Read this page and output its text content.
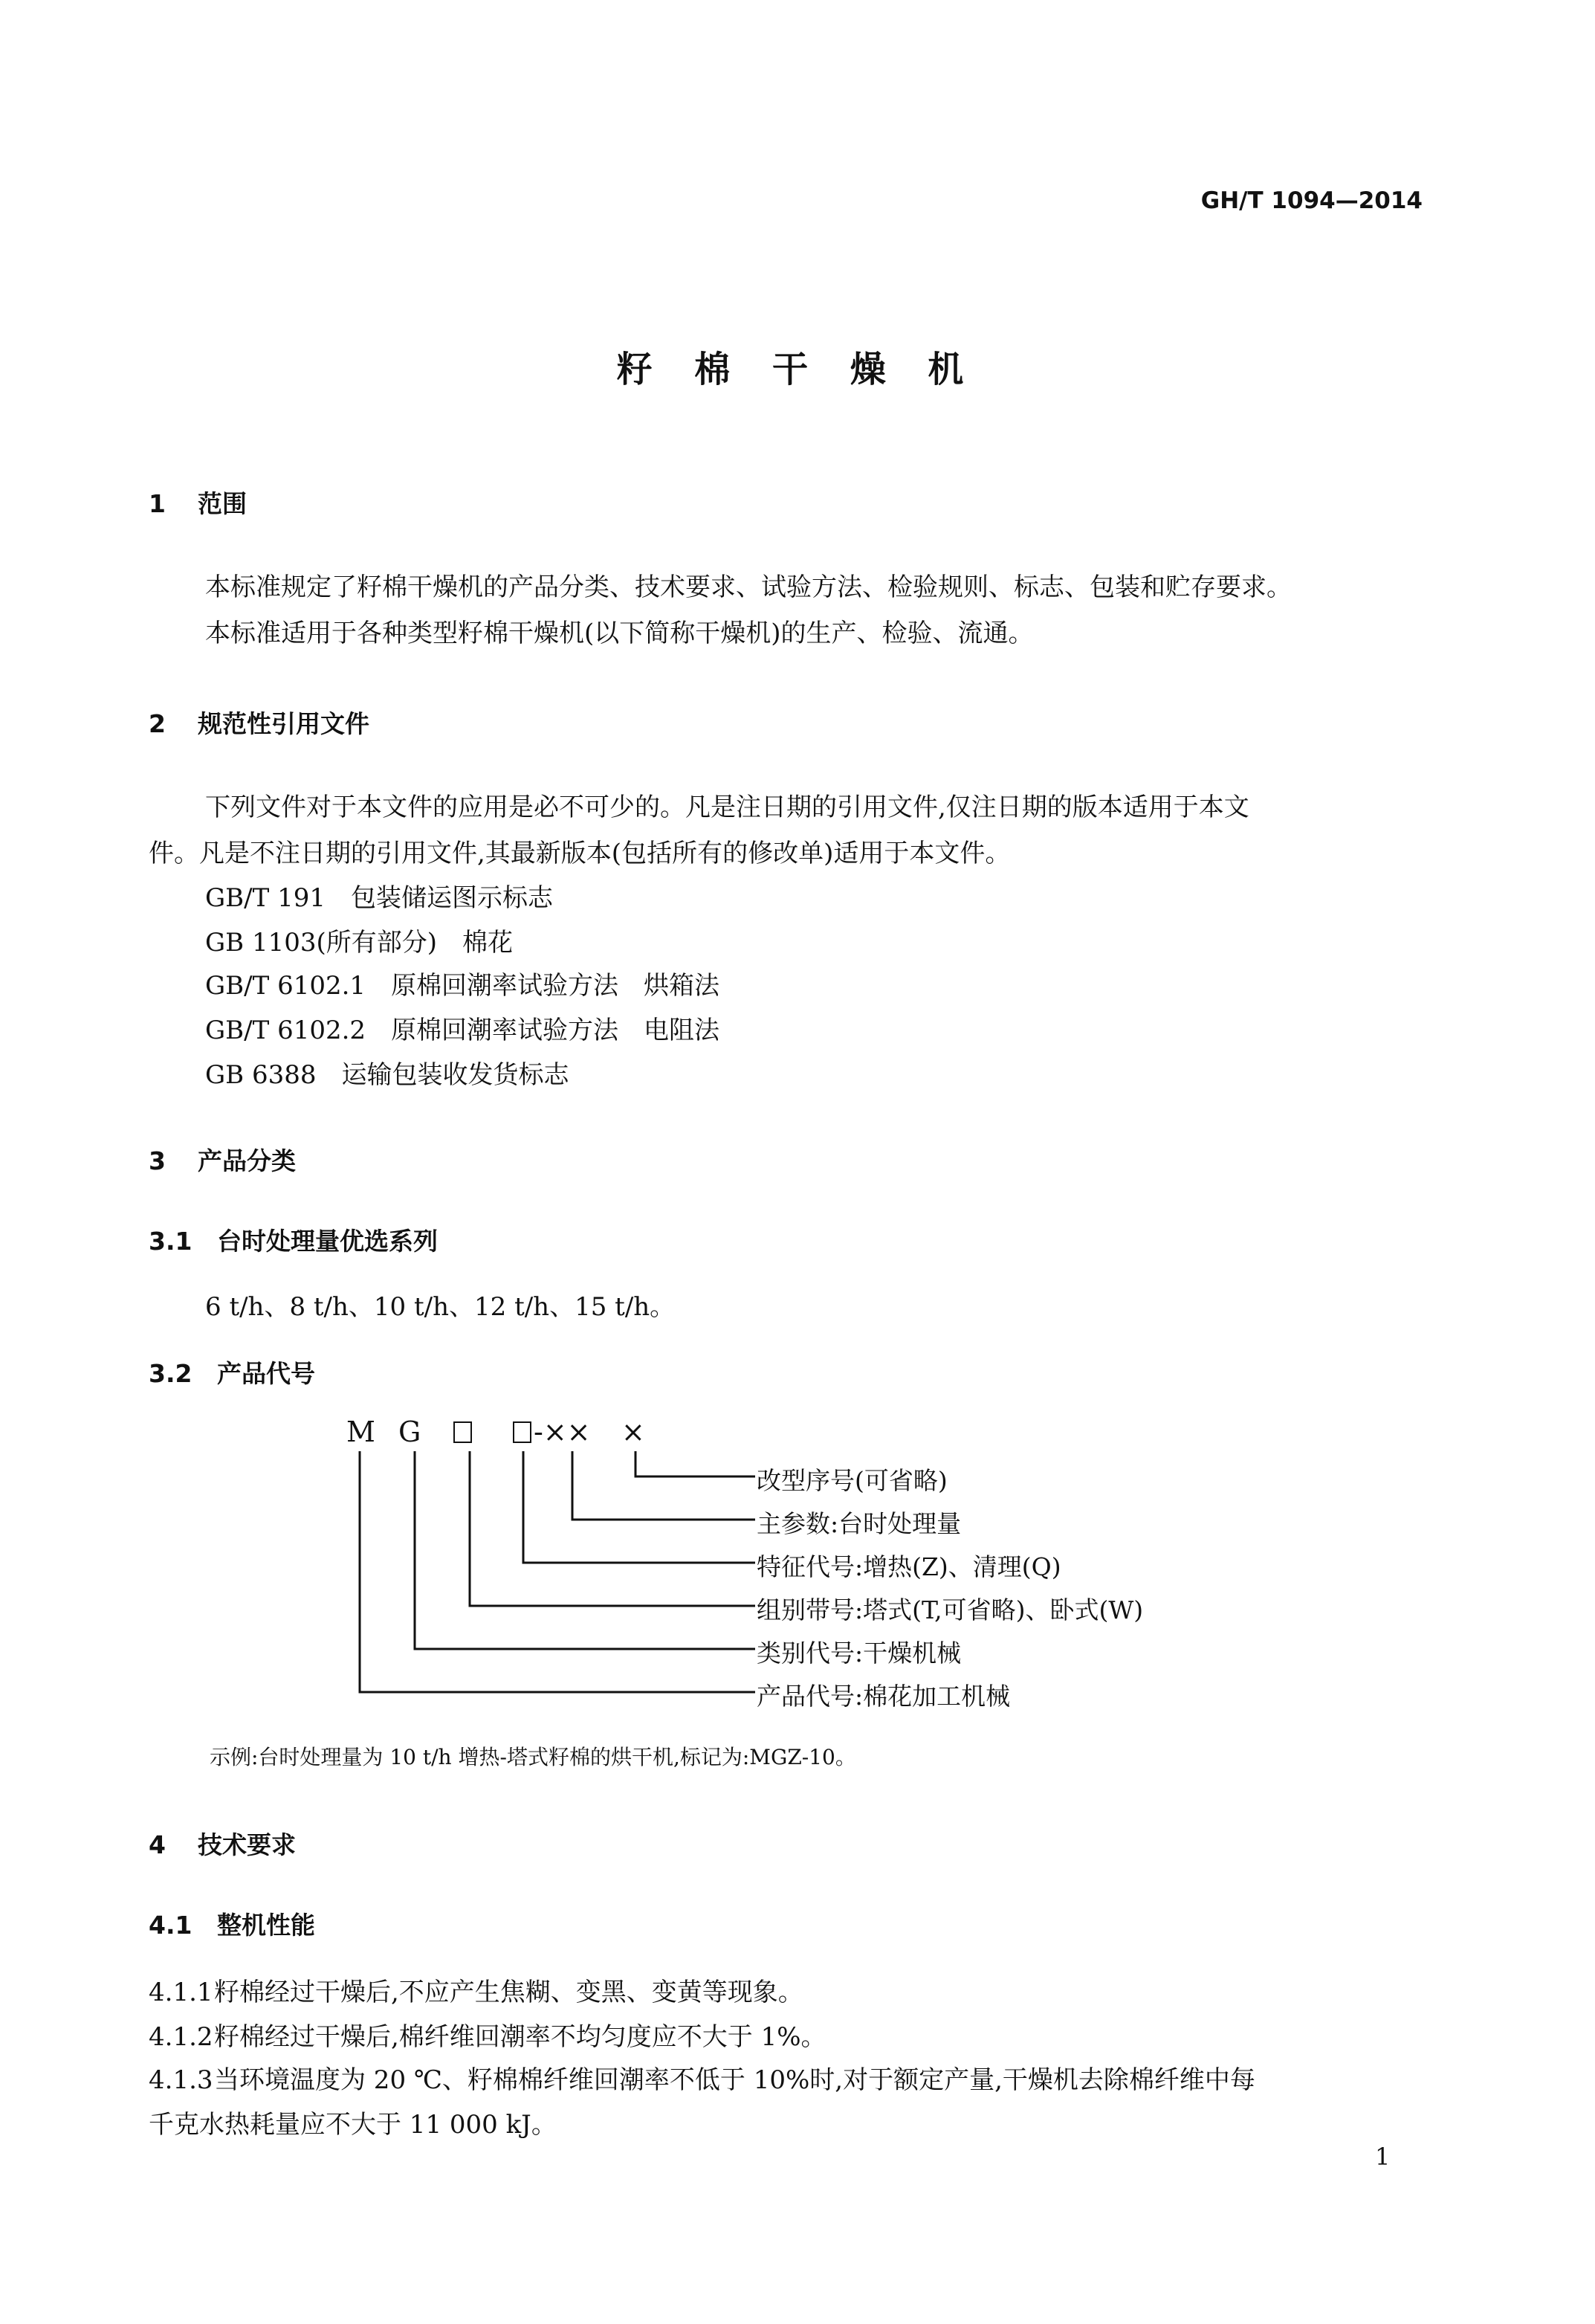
GH/T 1094—2014
籽 棉 干 燥 机
1 范围
本标准规定了籽棉干燥机的产品分类、技术要求、试验方法、检验规则、标志、包装和贮存要求。
本标准适用于各种类型籽棉干燥机(以下简称干燥机)的生产、检验、流通。
2 规范性引用文件
下列文件对于本文件的应用是必不可少的。凡是注日期的引用文件,仅注日期的版本适用于本文
件。凡是不注日期的引用文件,其最新版本(包括所有的修改单)适用于本文件。
GB/T 191 包装储运图示标志
GB 1103(所有部分) 棉花
GB/T 6102.1 原棉回潮率试验方法　烘箱法
GB/T 6102.2 原棉回潮率试验方法　电阻法
GB 6388 运输包装收发货标志
3 产品分类
3.1 台时处理量优选系列
6 t/h、8 t/h、10 t/h、12 t/h、15 t/h。
3.2 产品代号
M G	-×× ×
改型序号(可省略)
主参数:台时处理量
特征代号:增热(Z)、清理(Q)
组别带号:塔式(T,可省略)、卧式(W)
类别代号:干燥机械
产品代号:棉花加工机械
示例:台时处理量为 10 t/h 增热-塔式籽棉的烘干机,标记为:MGZ-10。
4 技术要求
4.1 整机性能
4.1.1籽棉经过干燥后,不应产生焦糊、变黑、变黄等现象。
4.1.2籽棉经过干燥后,棉纤维回潮率不均匀度应不大于 1%。
4.1.3当环境温度为 20 ℃、籽棉棉纤维回潮率不低于 10%时,对于额定产量,干燥机去除棉纤维中每
千克水热耗量应不大于 11 000 kJ。
1
